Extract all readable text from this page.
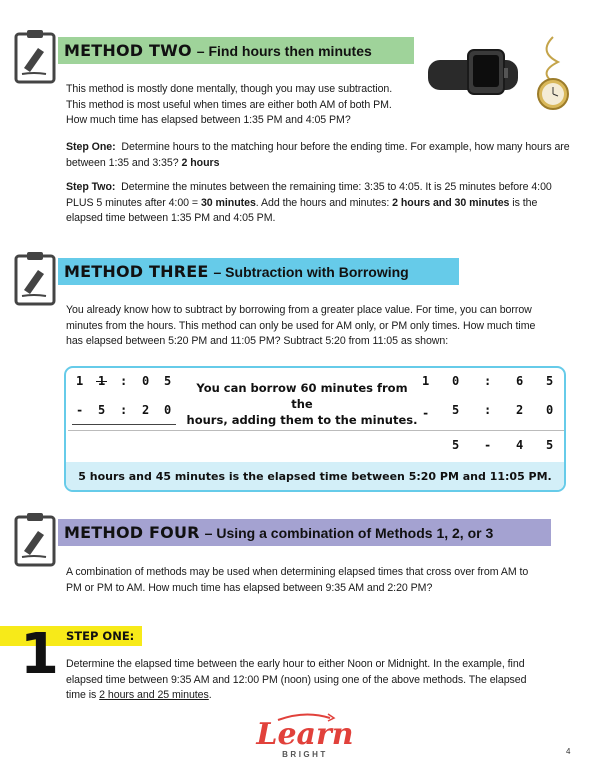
METHOD TWO – Find hours then minutes

This method is mostly done mentally, though you may use subtraction.

This method is most useful when times are either both AM of both PM.

How much time has elapsed between 1:35 PM and 4:05 PM?

Step One: Determine hours to the matching hour before the ending time. For example, how many hours are between 1:35 and 3:35? 2 hours
Step Two: Determine the minutes between the remaining time: 3:35 to 4:05. It is 25 minutes before 4:00 PLUS 5 minutes after 4:00 = 30 minutes. Add the hours and minutes: 2 hours and 30 minutes is the elapsed time between 1:35 PM and 4:05 PM.
METHOD THREE – Subtraction with Borrowing

You already know how to subtract by borrowing from a greater place value. For time, you can borrow

minutes from the hours. This method can only be used for AM only, or PM only times. How much time

has elapsed between 5:20 PM and 11:05 PM? Subtract 5:20 from 11:05 as shown:

1	: 0 5
- 5 : 2 0
You can borrow 60 minutes from the
hours, adding them to the minutes.
1 0 : 6 5
- 5 : 2 0
5 - 4 5
5 hours and 45 minutes is the elapsed time between 5:20 PM and 11:05 PM.
METHOD FOUR – Using a combination of Methods 1, 2, or 3

A combination of methods may be used when determining elapsed times that cross over from AM to

PM or PM to AM. How much time has elapsed between 9:35 AM and 2:20 PM?

1 STEP ONE:

Determine the elapsed time between the early hour to either Noon or Midnight. In the example, find

elapsed time between 9:35 AM and 12:00 PM (noon) using one of the above methods. The elapsed

time is 2 hours and 25 minutes.

Learn
BRIGHT	4
